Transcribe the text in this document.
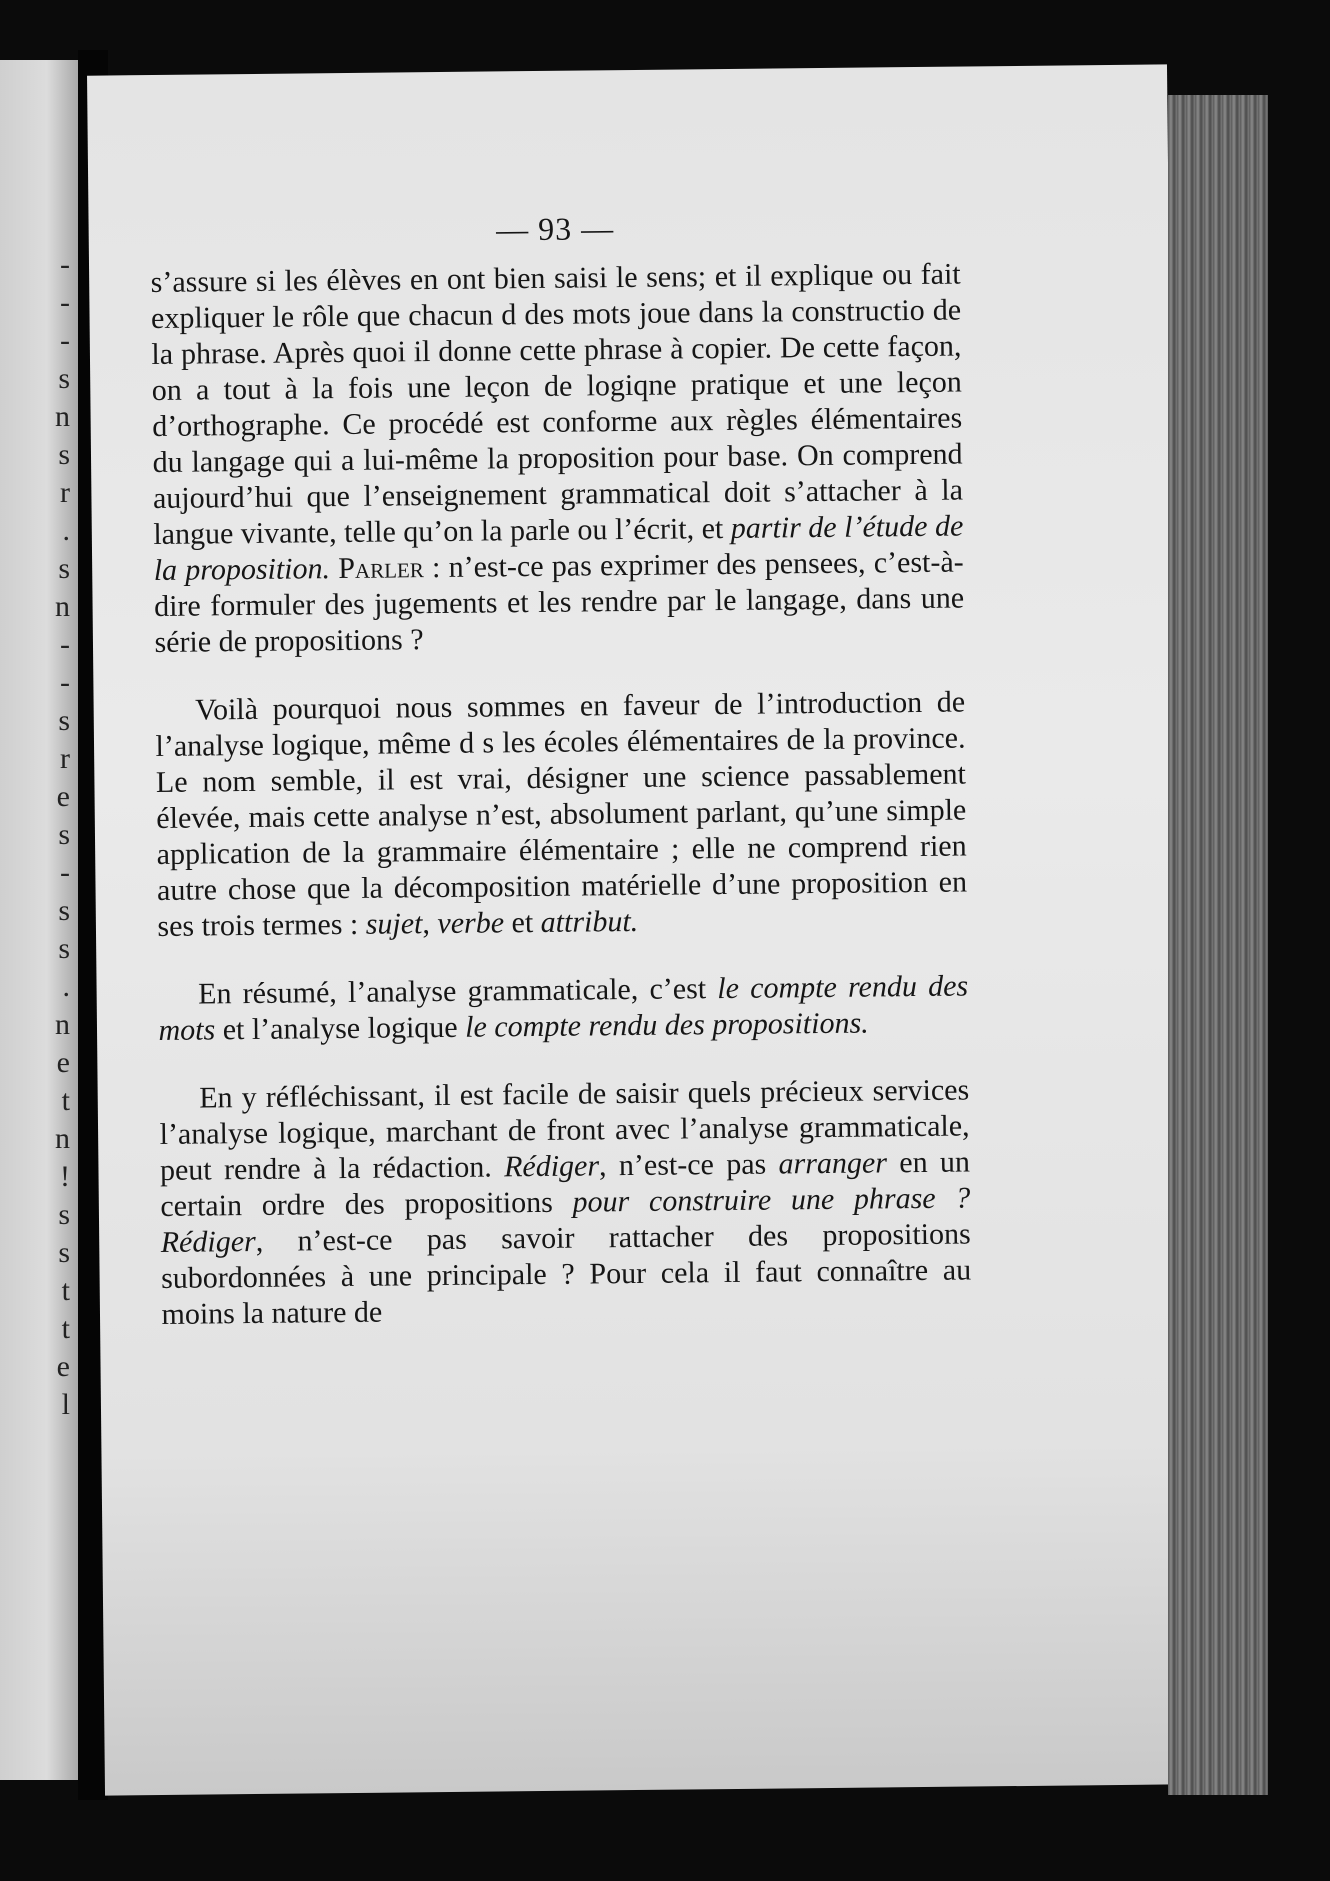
-
-
-
s
n
s
r
.
s
n
-
-
s
r
e
s
-
s
s
.
n
e
t
n
!
s
s
t
t
e
l
— 93 —

s’assure si les élèves en ont bien saisi le sens; et il explique ou fait expliquer le rôle que chacun d des mots joue dans la constructio de la phrase. Après quoi il donne cette phrase à copier. De cette façon, on a tout à la fois une leçon de logiqne pratique et une leçon d’orthographe. Ce procédé est conforme aux règles élémentaires du langage qui a lui-même la proposition pour base. On comprend aujourd’hui que l’enseignement grammatical doit s’attacher à la langue vivante, telle qu’on la parle ou l’écrit, et partir de l’étude de la proposition. Parler : n’est-ce pas exprimer des pensees, c’est-à-dire formuler des jugements et les rendre par le langage, dans une série de propositions ?

Voilà pourquoi nous sommes en faveur de l’introduction de l’analyse logique, même d s les écoles élémentaires de la province. Le nom semble, il est vrai, désigner une science passablement élevée, mais cette analyse n’est, absolument parlant, qu’une simple application de la grammaire élémentaire ; elle ne comprend rien autre chose que la décomposition matérielle d’une proposition en ses trois termes : sujet, verbe et attribut.

En résumé, l’analyse grammaticale, c’est le compte rendu des mots et l’analyse logique le compte rendu des propositions.

En y réfléchissant, il est facile de saisir quels précieux services l’analyse logique, marchant de front avec l’analyse grammaticale, peut rendre à la rédaction. Rédiger, n’est-ce pas arranger en un certain ordre des propositions pour construire une phrase ? Rédiger, n’est-ce pas savoir rattacher des propositions subordonnées à une principale ? Pour cela il faut connaître au moins la nature de
